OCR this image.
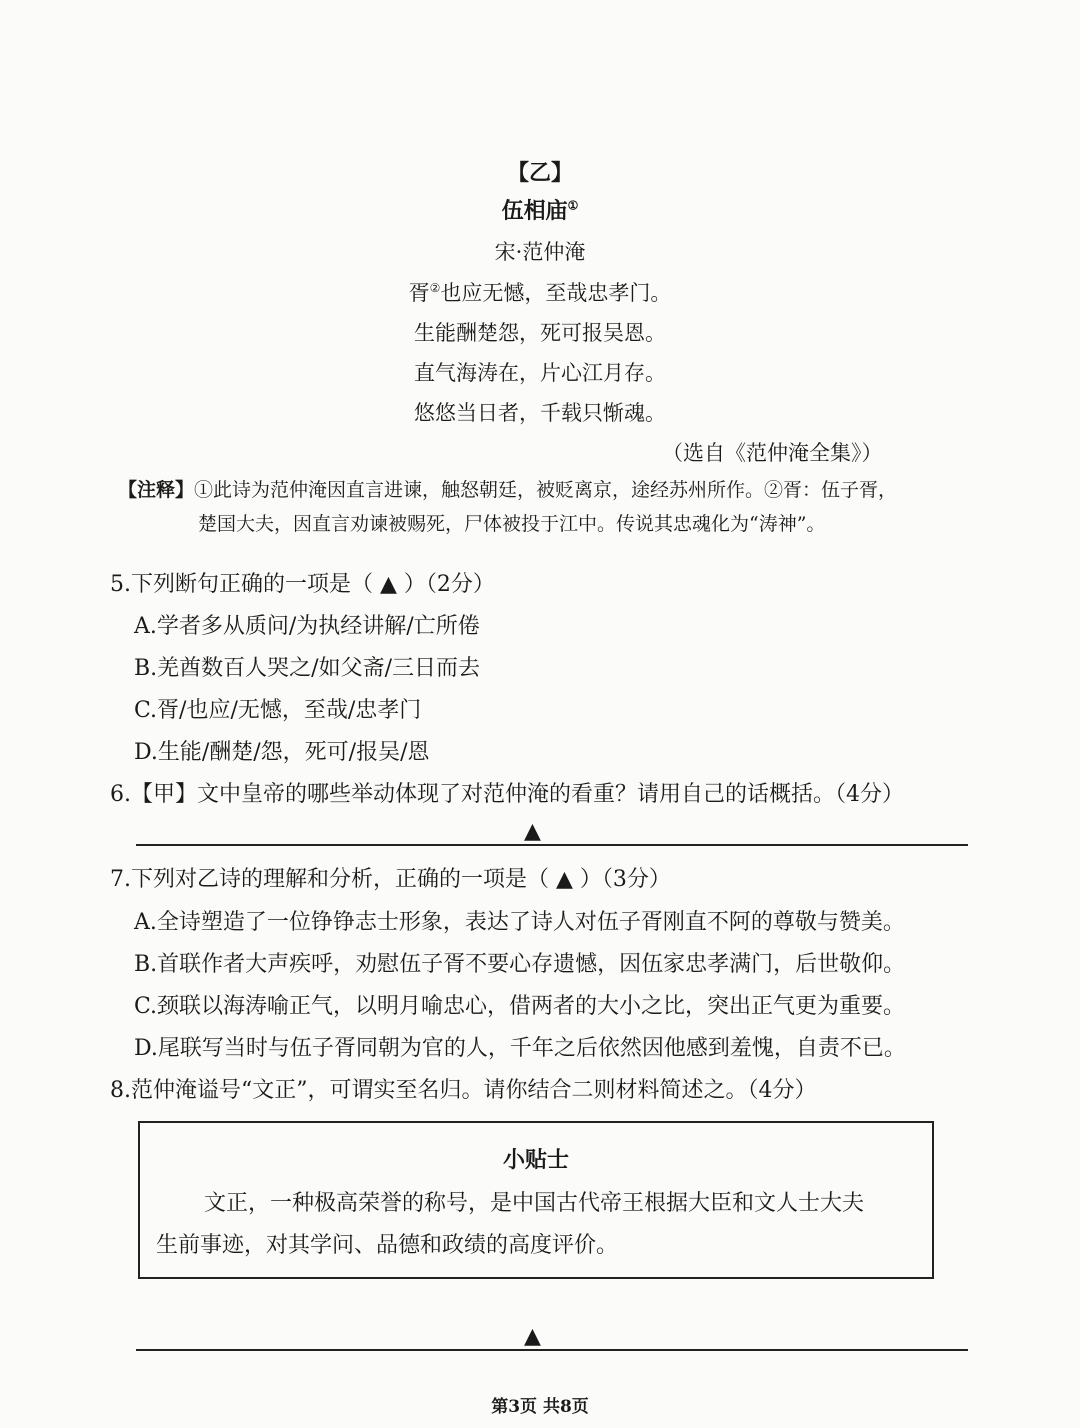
【乙】
伍相庙①
宋·范仲淹
胥②也应无憾，至哉忠孝门。
生能酬楚怨，死可报吴恩。
直气海涛在，片心江月存。
悠悠当日者，千载只惭魂。
（选自《范仲淹全集》）
【注释】①此诗为范仲淹因直言进谏，触怒朝廷，被贬离京，途经苏州所作。②胥：伍子胥，
楚国大夫，因直言劝谏被赐死，尸体被投于江中。传说其忠魂化为“涛神”。
5.下列断句正确的一项是（ ▲ ）（2分）
A.学者多从质问/为执经讲解/亡所倦
B.羌酋数百人哭之/如父斋/三日而去
C.胥/也应/无憾，至哉/忠孝门
D.生能/酬楚/怨，死可/报吴/恩
6.【甲】文中皇帝的哪些举动体现了对范仲淹的看重？请用自己的话概括。（4分）
▲
7.下列对乙诗的理解和分析，正确的一项是（ ▲ ）（3分）
A.全诗塑造了一位铮铮志士形象，表达了诗人对伍子胥刚直不阿的尊敬与赞美。
B.首联作者大声疾呼，劝慰伍子胥不要心存遗憾，因伍家忠孝满门，后世敬仰。
C.颈联以海涛喻正气，以明月喻忠心，借两者的大小之比，突出正气更为重要。
D.尾联写当时与伍子胥同朝为官的人，千年之后依然因他感到羞愧，自责不已。
8.范仲淹谥号“文正”，可谓实至名归。请你结合二则材料简述之。（4分）
小贴士
文正，一种极高荣誉的称号，是中国古代帝王根据大臣和文人士大夫
生前事迹，对其学问、品德和政绩的高度评价。
▲
第3页 共8页
